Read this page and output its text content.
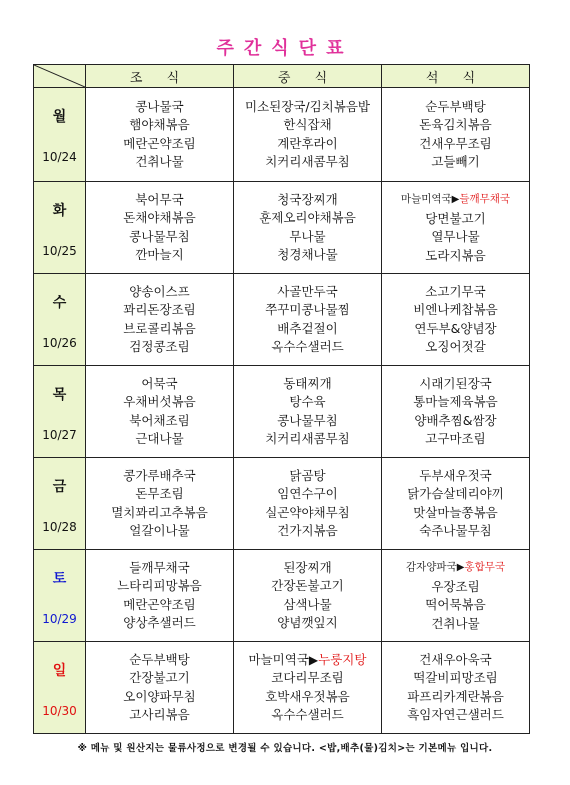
주간식단표
	조 식	중 식	석 식

월
10/24	콩나물국
햄야채볶음
메란곤약조림
건취나물	미소된장국/김치볶음밥
한식잡채
계란후라이
치커리새콤무침	순두부백탕
돈육김치볶음
건새우무조림
고들빼기

화
10/25	북어무국
돈채야채볶음
콩나물무침
깐마늘지	청국장찌개
훈제오리야채볶음
무나물
청경채나물	마늘미역국▶들깨무채국
당면불고기
열무나물
도라지볶음

수
10/26	양송이스프
꽈리돈장조림
브로콜리볶음
검정콩조림	사골만두국
쭈꾸미콩나물찜
배추겉절이
옥수수샐러드	소고기무국
비엔나케찹볶음
연두부&양념장
오징어젓갈

목
10/27	어묵국
우채버섯볶음
북어채조림
근대나물	동태찌개
탕수육
콩나물무침
치커리새콤무침	시래기된장국
통마늘제육볶음
양배추찜&쌈장
고구마조림

금
10/28	콩가루배추국
돈무조림
멸치꽈리고추볶음
얼갈이나물	닭곰탕
임연수구이
실곤약야채무침
건가지볶음	두부새우젓국
닭가슴살데리야끼
맛살마늘쫑볶음
숙주나물무침

토
10/29	들깨무채국
느타리피망볶음
메란곤약조림
양상추샐러드	된장찌개
간장돈불고기
삼색나물
양념깻잎지	감자양파국▶홍합무국
우장조림
떡어묵볶음
건취나물

일
10/30	순두부백탕
간장불고기
오이양파무침
고사리볶음	마늘미역국▶누룽지탕
코다리무조림
호박새우젓볶음
옥수수샐러드	건새우아욱국
떡갈비피망조림
파프리카계란볶음
흑임자연근샐러드
※ 메뉴 및 원산지는 물류사정으로 변경될 수 있습니다. <밥,배추(물)김치>는 기본메뉴 입니다.
